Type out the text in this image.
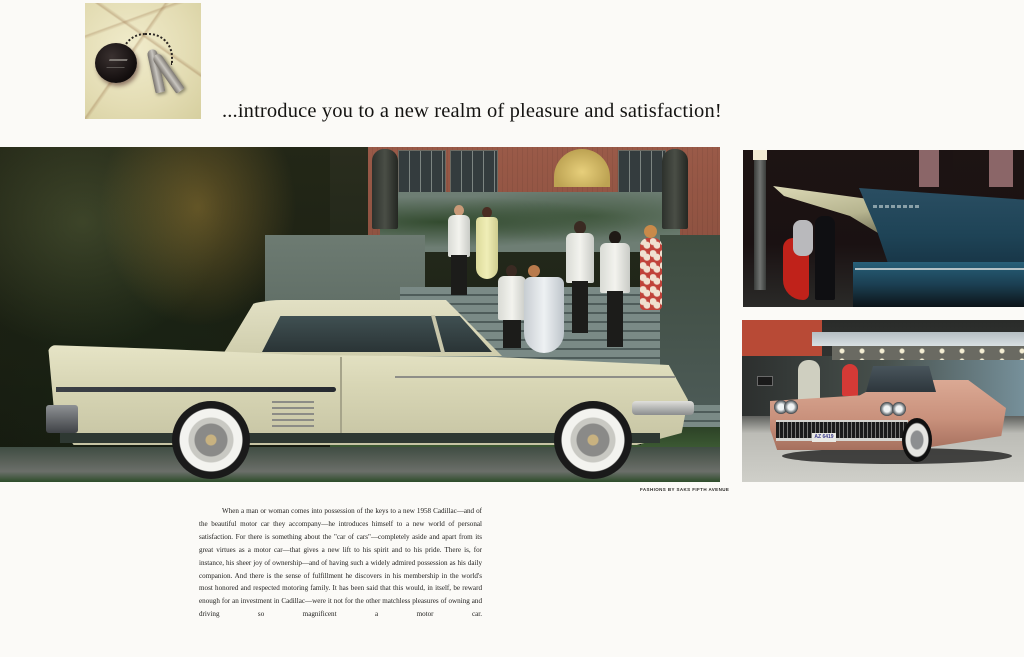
...introduce you to a new realm of pleasure and satisfaction!
FASHIONS BY SAKS FIFTH AVENUE
AZ 6419

When a man or woman comes into possession of the keys to a new 1958 Cadillac—and of the beautiful motor car they accompany—he introduces himself to a new world of personal satisfaction. For there is something about the "car of cars"—completely aside and apart from its great virtues as a motor car—that gives a new lift to his spirit and to his pride. There is, for instance, his sheer joy of ownership—and of having such a widely admired possession as his daily companion. And there is the sense of fulfillment he discovers in his membership in the world's most honored and respected motoring family. It has been said that this would, in itself, be reward enough for an investment in Cadillac—were it not for the other matchless pleasures of owning and driving so magnificent a motor car.
